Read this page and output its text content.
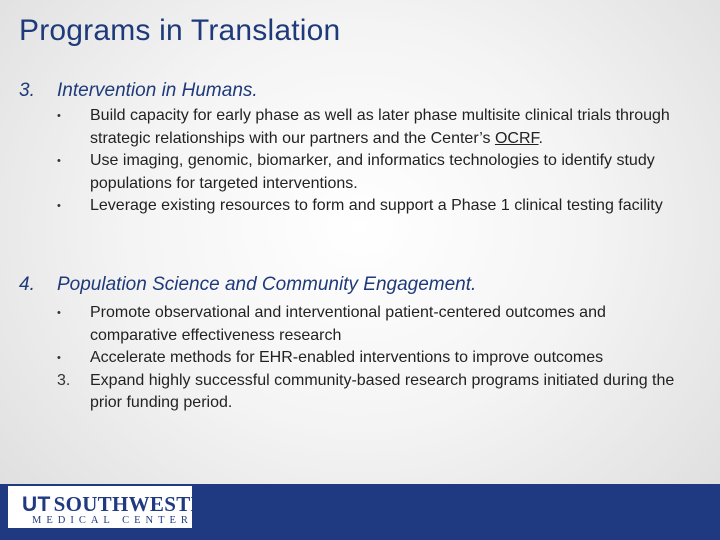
Programs in Translation
3. Intervention in Humans.
•	Build capacity for early phase as well as later phase multisite clinical trials through strategic relationships with our partners and the Center’s OCRF.
•	Use imaging, genomic, biomarker, and informatics technologies to identify study populations for targeted interventions.
•	Leverage existing resources to form and support a Phase 1 clinical testing facility
4. Population Science and Community Engagement.
•	Promote observational and interventional patient-centered outcomes and comparative effectiveness research
•	Accelerate methods for EHR-enabled interventions to improve outcomes
3.	Expand highly successful community-based research programs initiated during the prior funding period.
UT SOUTHWESTERN
MEDICAL CENTER
